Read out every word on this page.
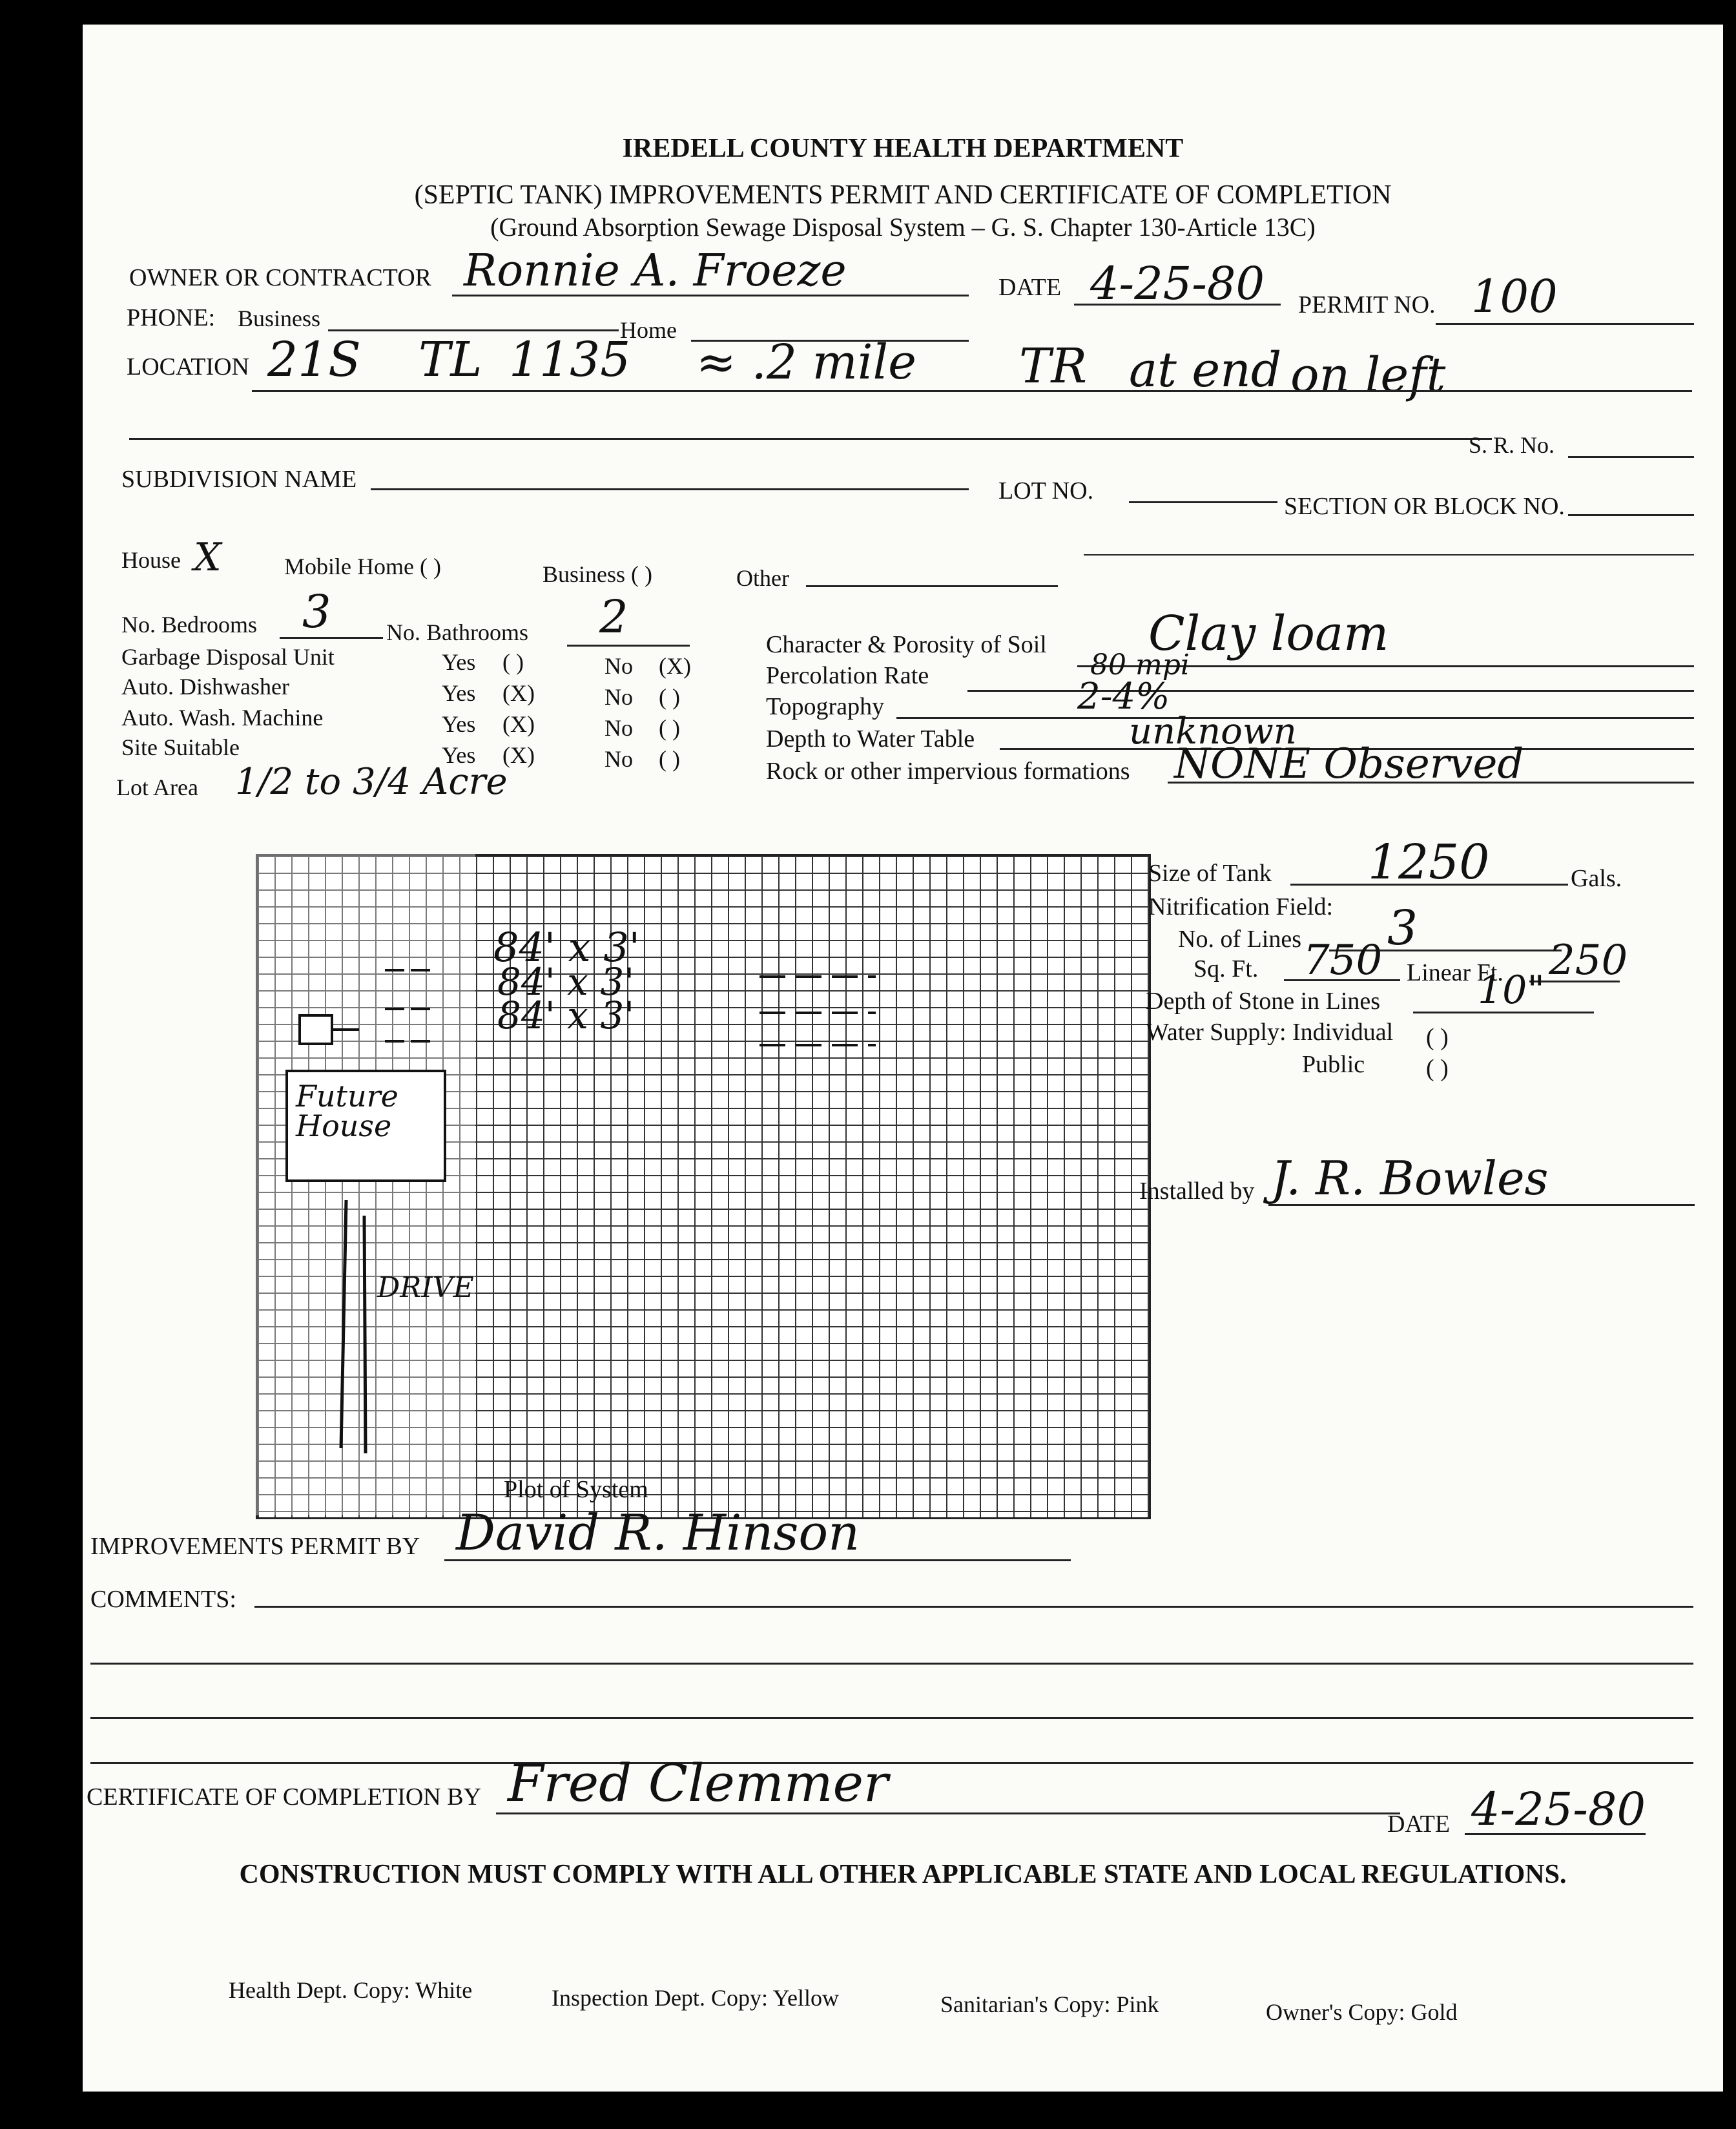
IREDELL COUNTY HEALTH DEPARTMENT
(SEPTIC TANK) IMPROVEMENTS PERMIT AND CERTIFICATE OF COMPLETION
(Ground Absorption Sewage Disposal System – G. S. Chapter 130-Article 13C)
OWNER OR CONTRACTOR Ronnie A. Froeze	DATE 4-25-80 PERMIT NO. 100
PHONE: Business	Home
LOCATION 21S TL 1135 ≈ .2 mile TR at end on left
S. R. No.
SUBDIVISION NAME	LOT NO.
SECTION OR BLOCK NO.
House X	Mobile Home ( )	Business ( )	Other
No. Bedrooms 3 No. Bathrooms 2
Garbage Disposal Unit	Yes ( )	No (X)
Auto. Dishwasher	Yes (X)	No ( )
Auto. Wash. Machine	Yes (X)	No ( )
Site Suitable	Yes (X)	No ( )
Lot Area 1/2 to 3/4 Acre
Character & Porosity of Soil Clay loam
Percolation Rate	80 mpi
Topography	2-4%
Depth to Water Table	unknown
Rock or other impervious formations NONE Observed
84' x 3'
84' x 3'
84' x 3'
Future House
DRIVE
Plot of System
Size of Tank 1250	Gals.
Nitrification Field:
No. of Lines 3
Sq. Ft. 750 Linear Ft. 250
Depth of Stone in Lines	10"
Water Supply: Individual ( )
Public ( )
Installed by J. R. Bowles
IMPROVEMENTS PERMIT BY David R. Hinson
COMMENTS:
CERTIFICATE OF COMPLETION BY Fred Clemmer
DATE 4-25-80
CONSTRUCTION MUST COMPLY WITH ALL OTHER APPLICABLE STATE AND LOCAL REGULATIONS.
Health Dept. Copy: White	Inspection Dept. Copy: Yellow	Sanitarian's Copy: Pink	Owner's Copy: Gold
